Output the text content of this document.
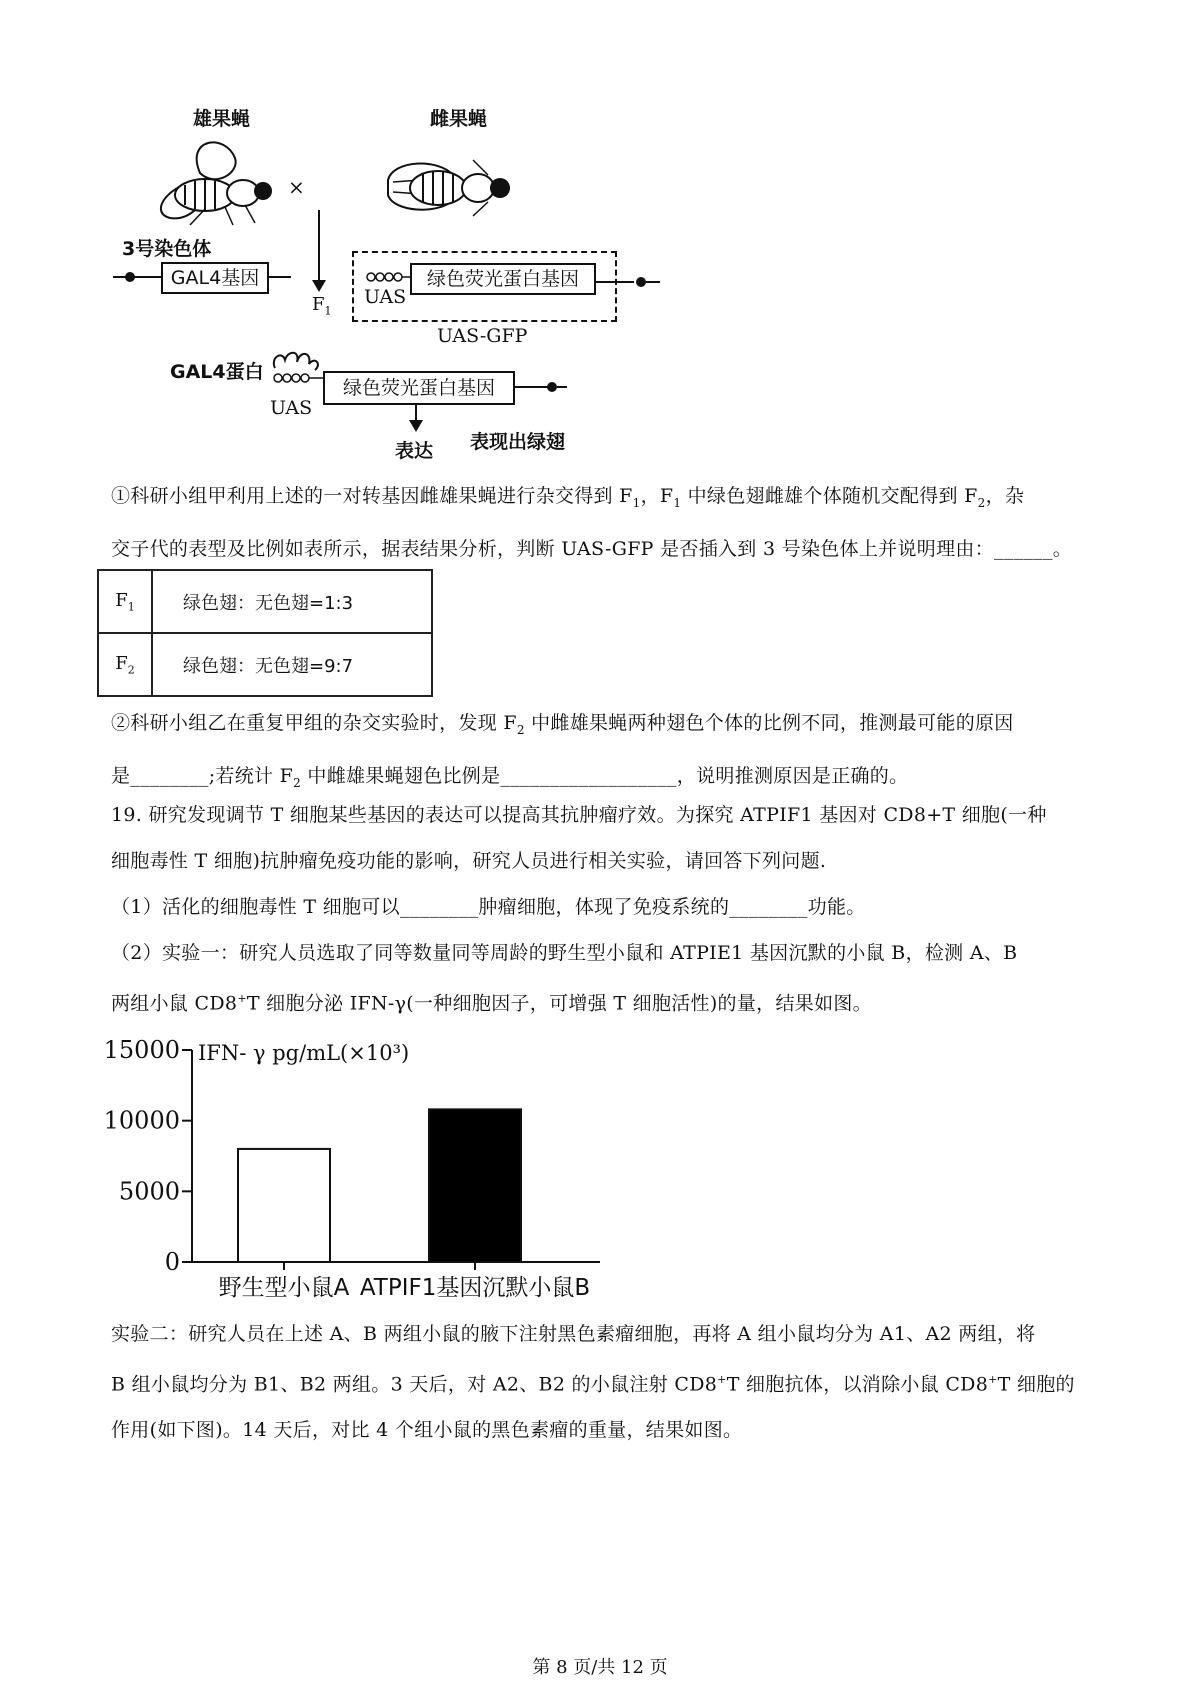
雄果蝇	雌果蝇
×
3号染色体
GAL4基因
$F_1$
UAS
绿色荧光蛋白基因
UAS-GFP
GAL4蛋白
UAS
绿色荧光蛋白基因
表达 表现出绿翅
①科研小组甲利用上述的一对转基因雌雄果蝇进行杂交得到 $F_1$，$F_1$ 中绿色翅雌雄个体随机交配得到 $F_2$，杂
交子代的表型及比例如表所示，据表结果分析，判断 UAS-GFP 是否插入到 3 号染色体上并说明理由：______。
$F_1$	绿色翅：无色翅=1:3
$F_2$	绿色翅：无色翅=9:7
②科研小组乙在重复甲组的杂交实验时，发现 $F_2$ 中雌雄果蝇两种翅色个体的比例不同，推测最可能的原因
是________;若统计 $F_2$ 中雌雄果蝇翅色比例是__________________，说明推测原因是正确的。
19. 研究发现调节 T 细胞某些基因的表达可以提高其抗肿瘤疗效。为探究 ATPIF1 基因对 CD8+T 细胞(一种
细胞毒性 T 细胞)抗肿瘤免疫功能的影响，研究人员进行相关实验，请回答下列问题.
（1）活化的细胞毒性 T 细胞可以________肿瘤细胞，体现了免疫系统的________功能。
（2）实验一：研究人员选取了同等数量同等周龄的野生型小鼠和 ATPIE1 基因沉默的小鼠 B，检测 A、B
两组小鼠 CD8+T 细胞分泌 IFN-γ(一种细胞因子，可增强 T 细胞活性)的量，结果如图。
0
5000
10000
15000 IFN- γ pg/mL(×10³)
野生型小鼠A ATPIF1基因沉默小鼠B
实验二：研究人员在上述 A、B 两组小鼠的腋下注射黑色素瘤细胞，再将 A 组小鼠均分为 A1、A2 两组，将
B 组小鼠均分为 B1、B2 两组。3 天后，对 A2、B2 的小鼠注射 CD8+T 细胞抗体，以消除小鼠 CD8+T 细胞的
作用(如下图)。14 天后，对比 4 个组小鼠的黑色素瘤的重量，结果如图。
第 8 页/共 12 页
